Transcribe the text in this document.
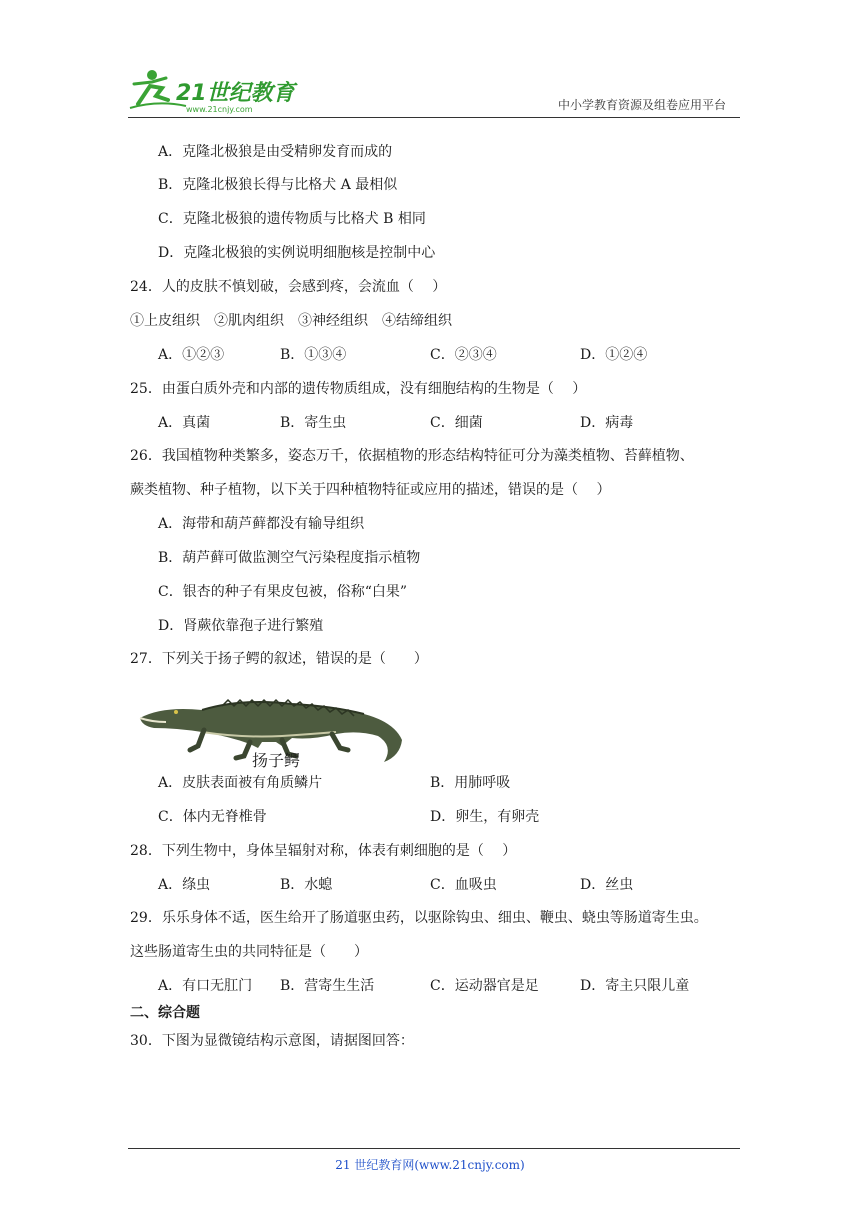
21世纪教育
www.21cnjy.com	中小学教育资源及组卷应用平台
A．克隆北极狼是由受精卵发育而成的
B．克隆北极狼长得与比格犬 A 最相似
C．克隆北极狼的遗传物质与比格犬 B 相同
D．克隆北极狼的实例说明细胞核是控制中心
24．人的皮肤不慎划破，会感到疼，会流血（　 ）
①上皮组织　②肌肉组织　③神经组织　④结缔组织
A．①②③	B．①③④	C．②③④	D．①②④
25．由蛋白质外壳和内部的遗传物质组成，没有细胞结构的生物是（　 ）
A．真菌	B．寄生虫	C．细菌	D．病毒
26．我国植物种类繁多，姿态万千，依据植物的形态结构特征可分为藻类植物、苔藓植物、
蕨类植物、种子植物，以下关于四种植物特征或应用的描述，错误的是（　 ）
A．海带和葫芦藓都没有输导组织
B．葫芦藓可做监测空气污染程度指示植物
C．银杏的种子有果皮包被，俗称“白果”
D．肾蕨依靠孢子进行繁殖
27．下列关于扬子鳄的叙述，错误的是（　　）
扬子鳄
A．皮肤表面被有角质鳞片	B．用肺呼吸
C．体内无脊椎骨	D．卵生，有卵壳
28．下列生物中，身体呈辐射对称，体表有刺细胞的是（　 ）
A．绦虫	B．水螅	C．血吸虫	D．丝虫
29．乐乐身体不适，医生给开了肠道驱虫药，以驱除钩虫、细虫、鞭虫、蛲虫等肠道寄生虫。
这些肠道寄生虫的共同特征是（　　）
A．有口无肛门 B．营寄生生活	C．运动器官是足	D．寄主只限儿童
二、综合题
30．下图为显微镜结构示意图，请据图回答：
21 世纪教育网(www.21cnjy.com)
